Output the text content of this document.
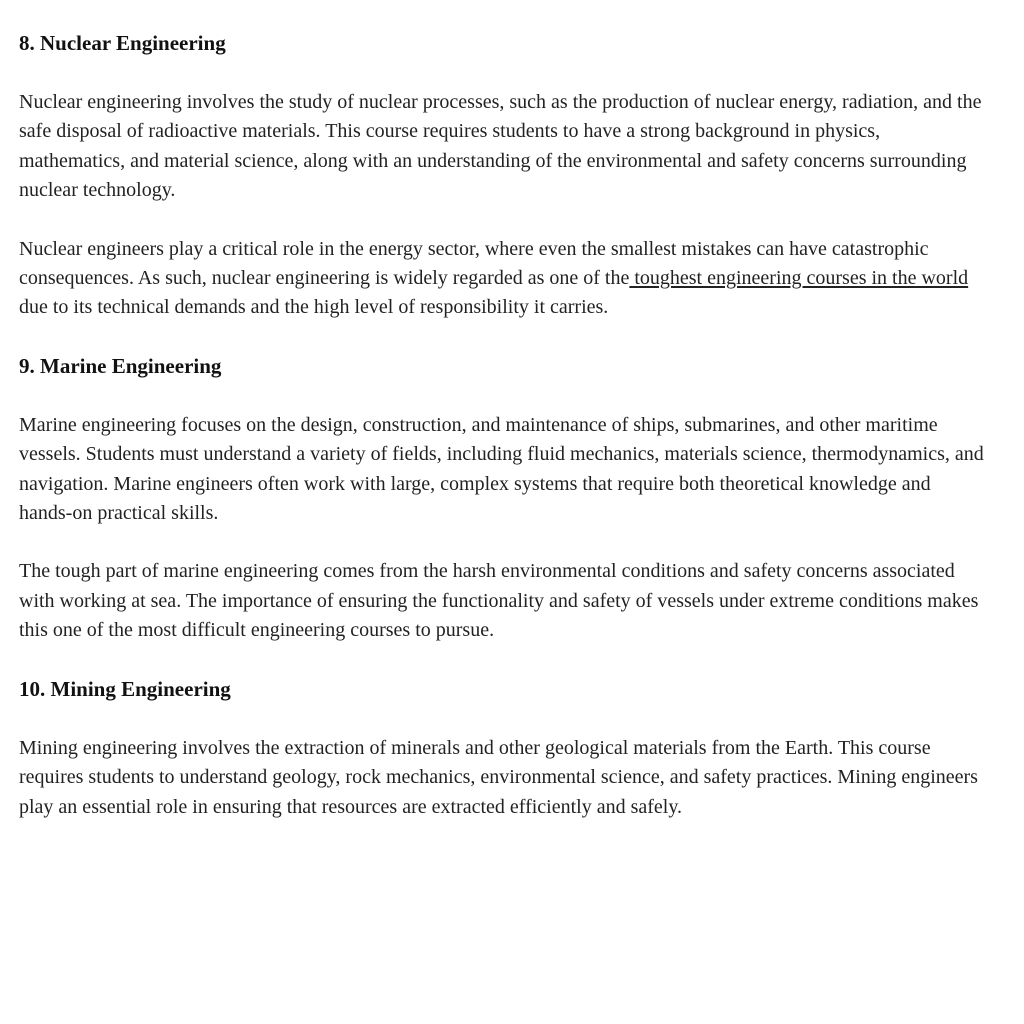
8. Nuclear Engineering

Nuclear engineering involves the study of nuclear processes, such as the production of nuclear energy, radiation, and the safe disposal of radioactive materials. This course requires students to have a strong background in physics, mathematics, and material science, along with an understanding of the environmental and safety concerns surrounding nuclear technology.

Nuclear engineers play a critical role in the energy sector, where even the smallest mistakes can have catastrophic consequences. As such, nuclear engineering is widely regarded as one of the toughest engineering courses in the world due to its technical demands and the high level of responsibility it carries.

9. Marine Engineering

Marine engineering focuses on the design, construction, and maintenance of ships, submarines, and other maritime vessels. Students must understand a variety of fields, including fluid mechanics, materials science, thermodynamics, and navigation. Marine engineers often work with large, complex systems that require both theoretical knowledge and hands-on practical skills.

The tough part of marine engineering comes from the harsh environmental conditions and safety concerns associated with working at sea. The importance of ensuring the functionality and safety of vessels under extreme conditions makes this one of the most difficult engineering courses to pursue.

10. Mining Engineering

Mining engineering involves the extraction of minerals and other geological materials from the Earth. This course requires students to understand geology, rock mechanics, environmental science, and safety practices. Mining engineers play an essential role in ensuring that resources are extracted efficiently and safely.
